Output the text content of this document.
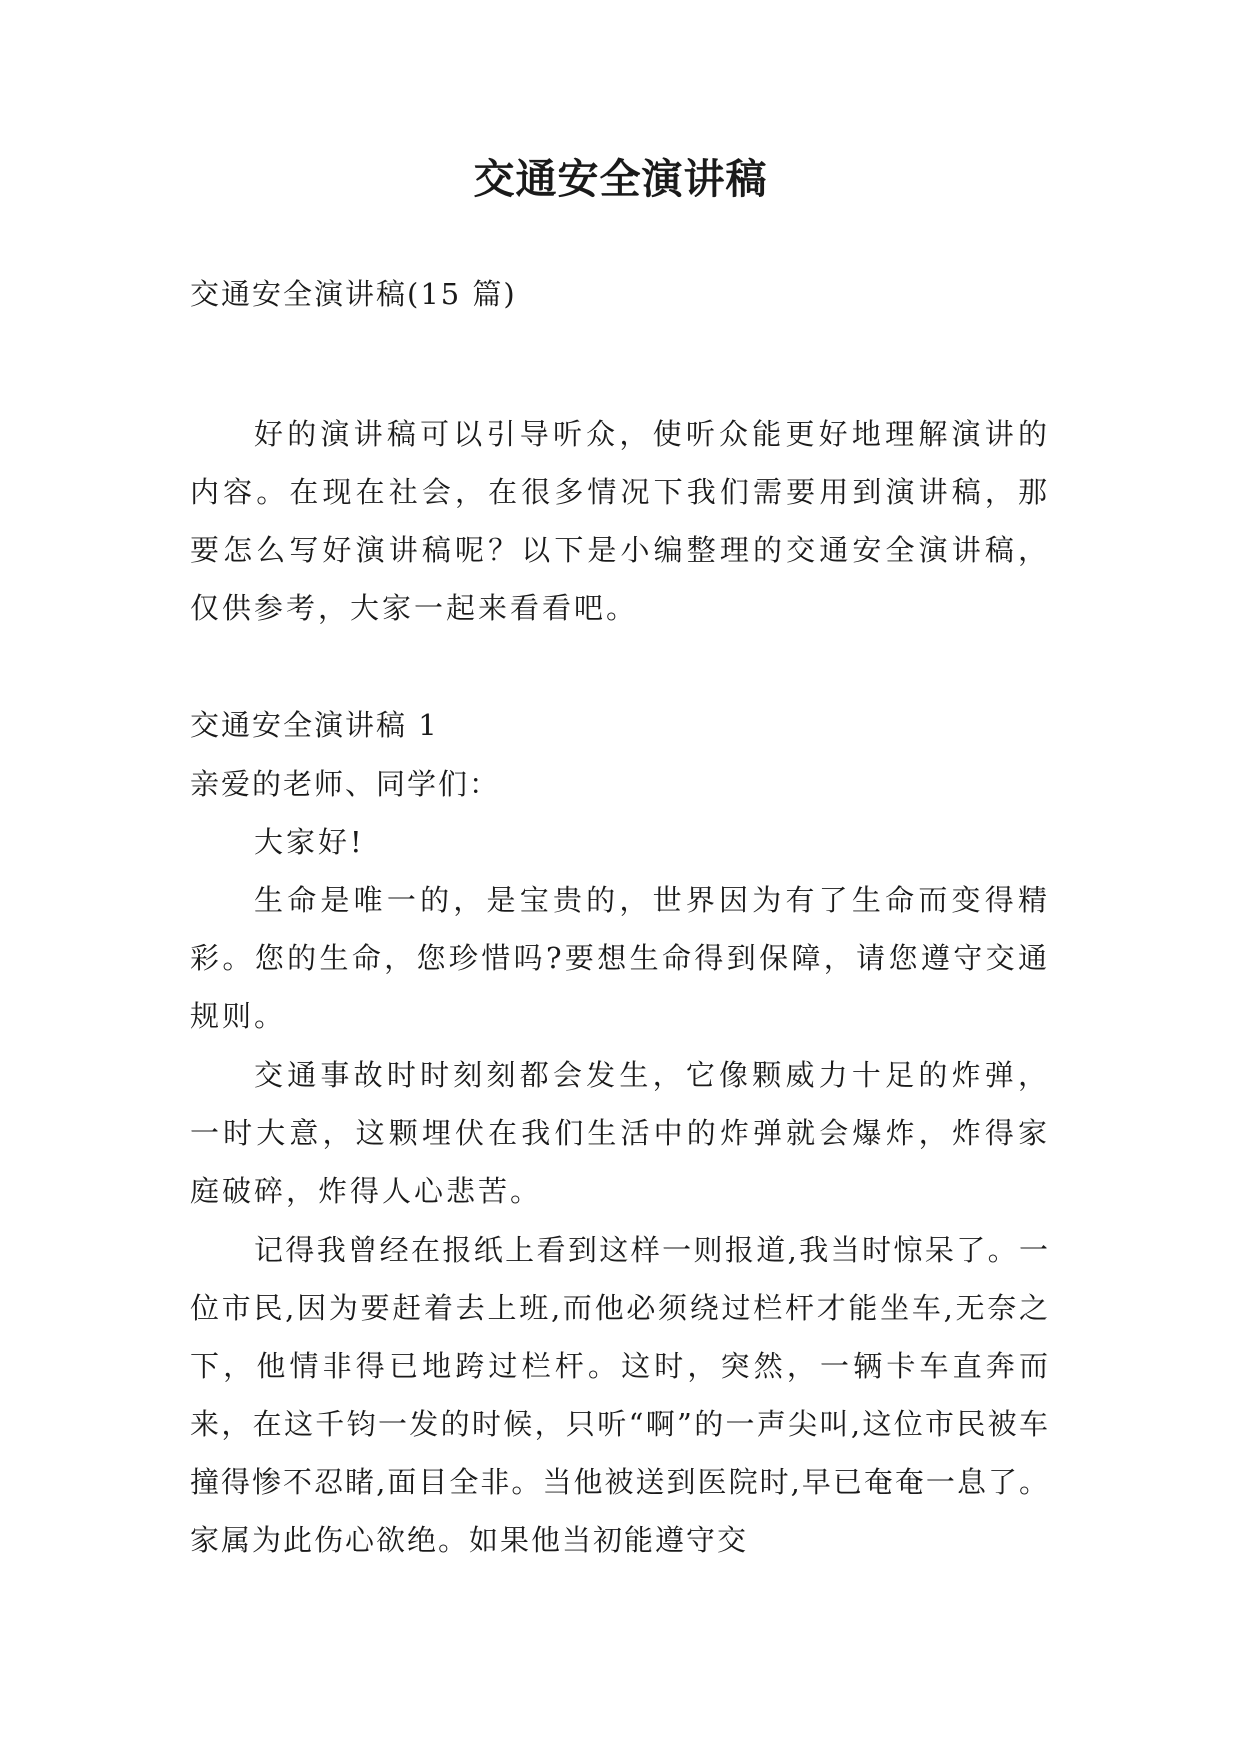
交通安全演讲稿

交通安全演讲稿(15 篇)

好的演讲稿可以引导听众，使听众能更好地理解演讲的内容。在现在社会，在很多情况下我们需要用到演讲稿，那要怎么写好演讲稿呢？以下是小编整理的交通安全演讲稿，仅供参考，大家一起来看看吧。

交通安全演讲稿 1

亲爱的老师、同学们：

大家好!

生命是唯一的，是宝贵的，世界因为有了生命而变得精彩。您的生命，您珍惜吗?要想生命得到保障，请您遵守交通规则。

交通事故时时刻刻都会发生，它像颗威力十足的炸弹，一时大意，这颗埋伏在我们生活中的炸弹就会爆炸，炸得家庭破碎，炸得人心悲苦。

记得我曾经在报纸上看到这样一则报道,我当时惊呆了。一位市民,因为要赶着去上班,而他必须绕过栏杆才能坐车,无奈之下，他情非得已地跨过栏杆。这时，突然，一辆卡车直奔而来，在这千钧一发的时候，只听“啊”的一声尖叫,这位市民被车撞得惨不忍睹,面目全非。当他被送到医院时,早已奄奄一息了。家属为此伤心欲绝。如果他当初能遵守交
